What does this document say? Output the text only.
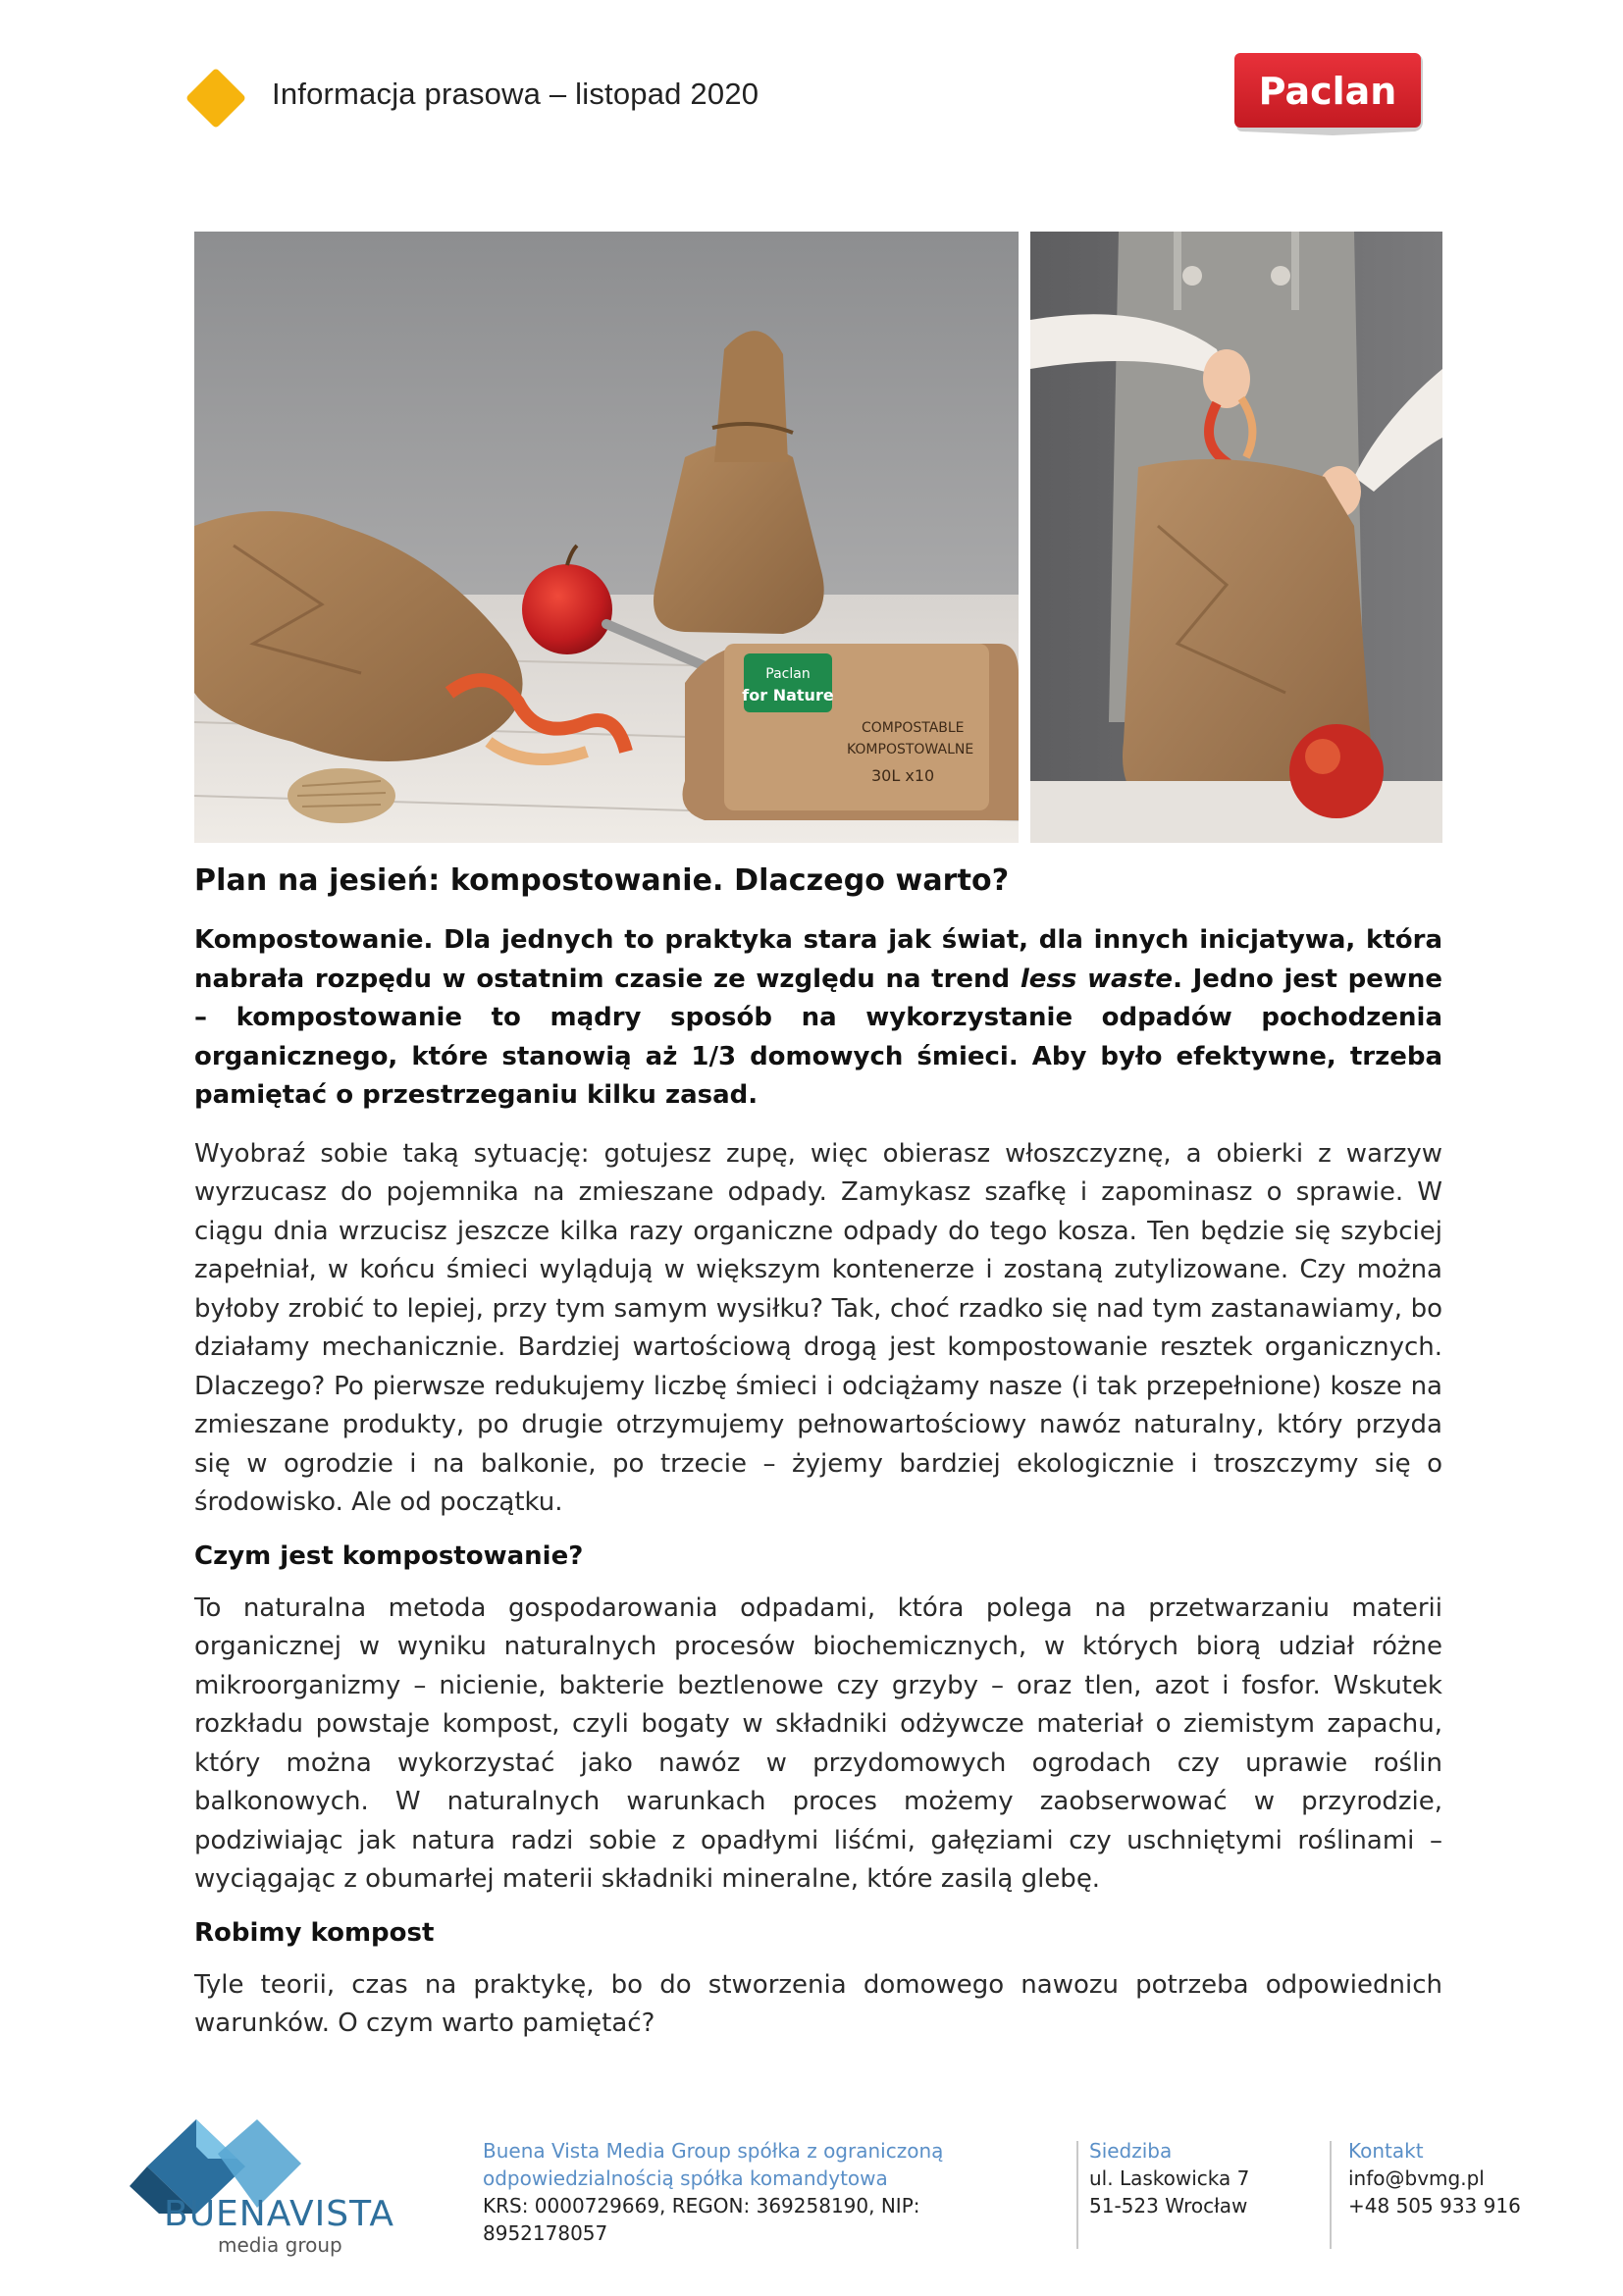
Informacja prasowa – listopad 2020	Paclan
Paclan
for Nature
COMPOSTABLE
KOMPOSTOWALNE
30L x10
Plan na jesień: kompostowanie. Dlaczego warto?

Kompostowanie. Dla jednych to praktyka stara jak świat, dla innych inicjatywa, która nabrała rozpędu w ostatnim czasie ze względu na trend less waste. Jedno jest pewne – kompostowanie to mądry sposób na wykorzystanie odpadów pochodzenia organicznego, które stanowią aż 1/3 domowych śmieci. Aby było efektywne, trzeba pamiętać o przestrzeganiu kilku zasad.

Wyobraź sobie taką sytuację: gotujesz zupę, więc obierasz włoszczyznę, a obierki z warzyw wyrzucasz do pojemnika na zmieszane odpady. Zamykasz szafkę i zapominasz o sprawie. W ciągu dnia wrzucisz jeszcze kilka razy organiczne odpady do tego kosza. Ten będzie się szybciej zapełniał, w końcu śmieci wylądują w większym kontenerze i zostaną zutylizowane. Czy można byłoby zrobić to lepiej, przy tym samym wysiłku? Tak, choć rzadko się nad tym zastanawiamy, bo działamy mechanicznie. Bardziej wartościową drogą jest kompostowanie resztek organicznych. Dlaczego? Po pierwsze redukujemy liczbę śmieci i odciążamy nasze (i tak przepełnione) kosze na zmieszane produkty, po drugie otrzymujemy pełnowartościowy nawóz naturalny, który przyda się w ogrodzie i na balkonie, po trzecie – żyjemy bardziej ekologicznie i troszczymy się o środowisko. Ale od początku.

Czym jest kompostowanie?

To naturalna metoda gospodarowania odpadami, która polega na przetwarzaniu materii organicznej w wyniku naturalnych procesów biochemicznych, w których biorą udział różne mikroorganizmy – nicienie, bakterie beztlenowe czy grzyby – oraz tlen, azot i fosfor. Wskutek rozkładu powstaje kompost, czyli bogaty w składniki odżywcze materiał o ziemistym zapachu, który można wykorzystać jako nawóz w przydomowych ogrodach czy uprawie roślin balkonowych. W naturalnych warunkach proces możemy zaobserwować w przyrodzie, podziwiając jak natura radzi sobie z opadłymi liśćmi, gałęziami czy uschniętymi roślinami – wyciągając z obumarłej materii składniki mineralne, które zasilą glebę.

Robimy kompost

Tyle teorii, czas na praktykę, bo do stworzenia domowego nawozu potrzeba odpowiednich warunków. O czym warto pamiętać?

BUENAVISTA
media group
Buena Vista Media Group spółka z ograniczoną
odpowiedzialnością spółka komandytowa
KRS: 0000729669, REGON: 369258190, NIP: 8952178057
Siedziba
ul. Laskowicka 7
51-523 Wrocław
Kontakt
info@bvmg.pl
+48 505 933 916
